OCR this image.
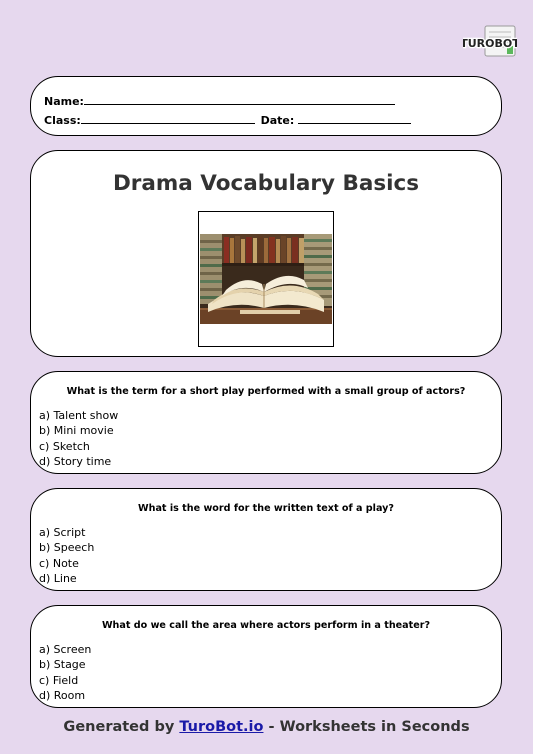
TUROBOT
Name:
Class:	Date:
Drama Vocabulary Basics
What is the term for a short play performed with a small group of actors?
a) Talent show
b) Mini movie
c) Sketch
d) Story time
What is the word for the written text of a play?
a) Script
b) Speech
c) Note
d) Line
What do we call the area where actors perform in a theater?
a) Screen
b) Stage
c) Field
d) Room
Generated by TuroBot.io - Worksheets in Seconds
